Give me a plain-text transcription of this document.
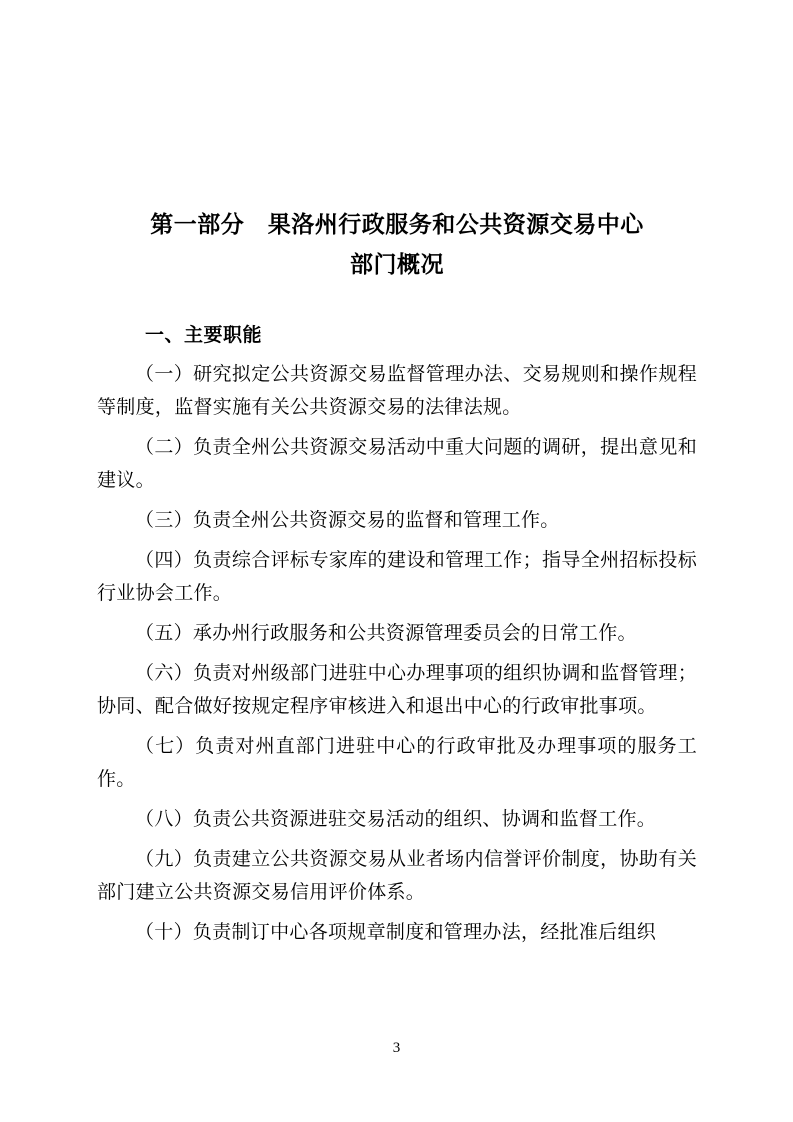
第一部分　果洛州行政服务和公共资源交易中心
部门概况
一、主要职能

（一）研究拟定公共资源交易监督管理办法、交易规则和操作规程等制度，监督实施有关公共资源交易的法律法规。

（二）负责全州公共资源交易活动中重大问题的调研，提出意见和建议。

（三）负责全州公共资源交易的监督和管理工作。

（四）负责综合评标专家库的建设和管理工作；指导全州招标投标行业协会工作。

（五）承办州行政服务和公共资源管理委员会的日常工作。

（六）负责对州级部门进驻中心办理事项的组织协调和监督管理；协同、配合做好按规定程序审核进入和退出中心的行政审批事项。

（七）负责对州直部门进驻中心的行政审批及办理事项的服务工作。

（八）负责公共资源进驻交易活动的组织、协调和监督工作。

（九）负责建立公共资源交易从业者场内信誉评价制度，协助有关部门建立公共资源交易信用评价体系。

（十）负责制订中心各项规章制度和管理办法，经批准后组织

3
